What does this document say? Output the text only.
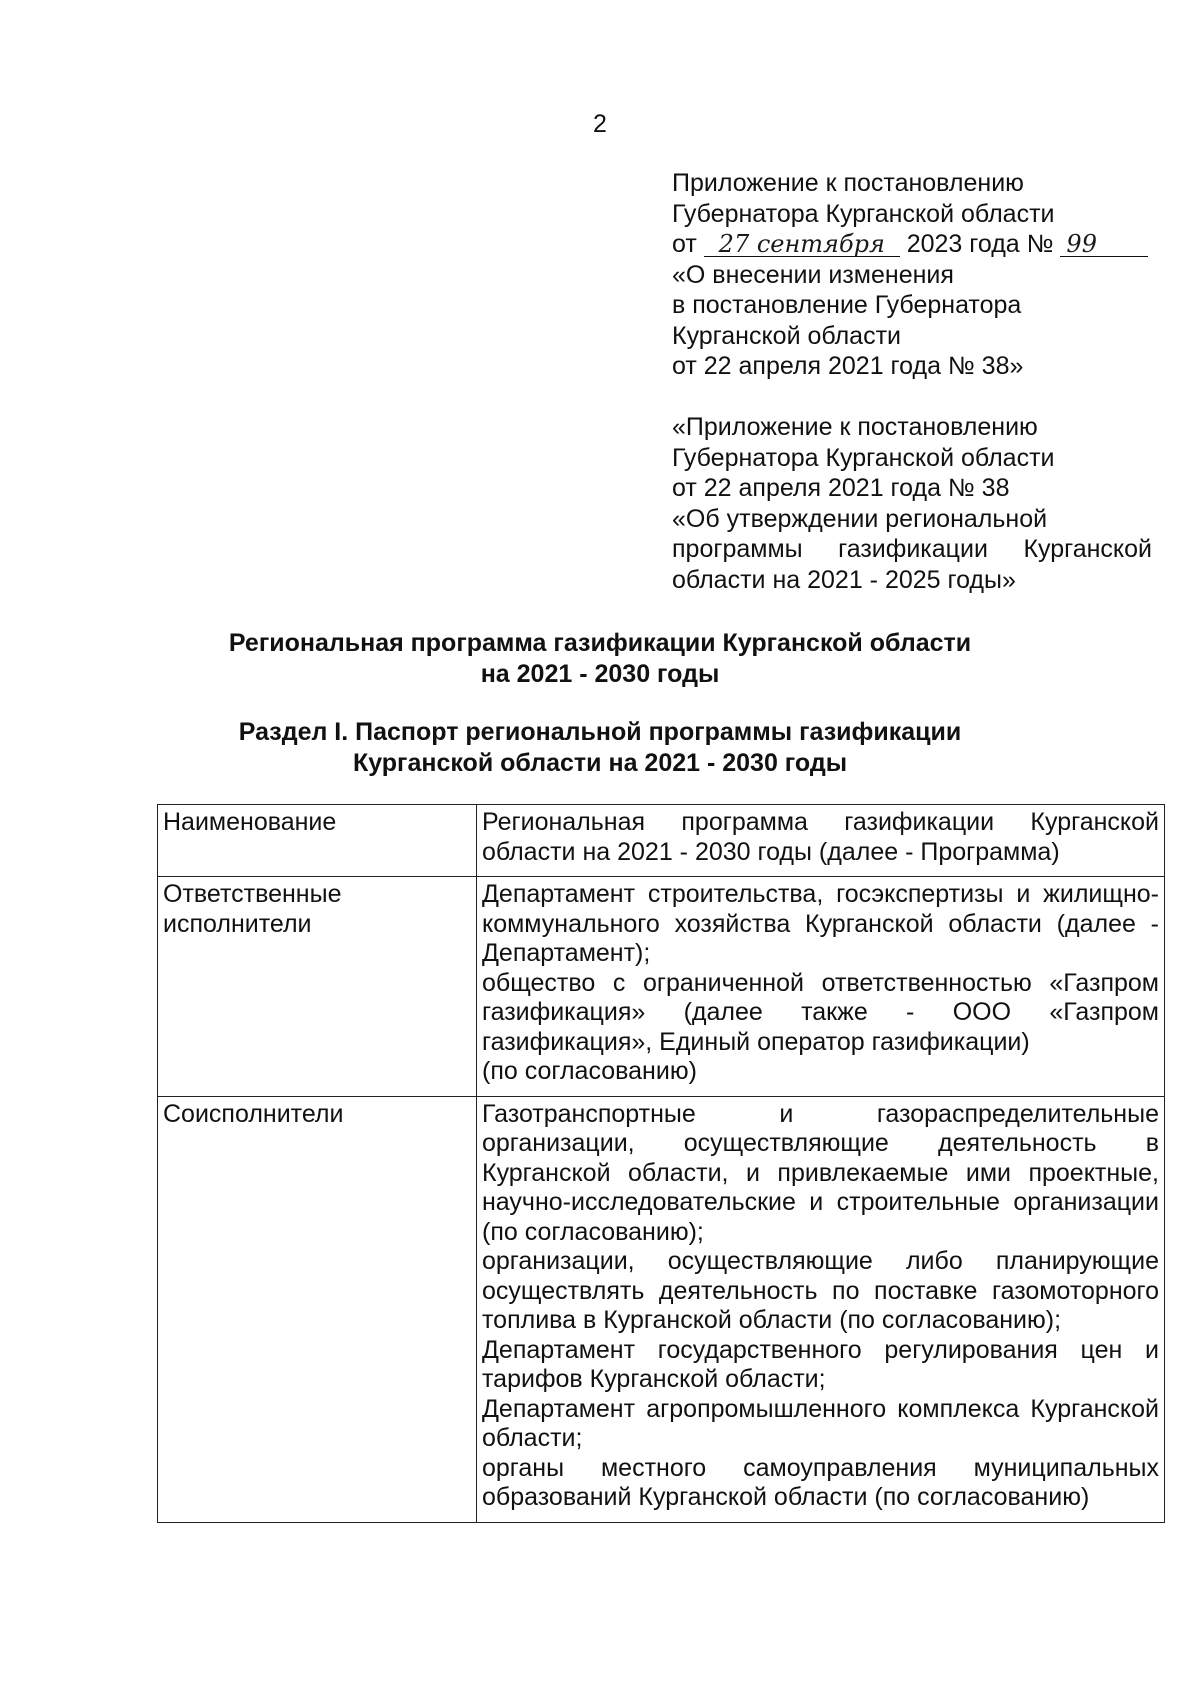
2
Приложение к постановлению
Губернатора Курганской области
от 27 сентября 2023 года № 99
«О внесении изменения
в постановление Губернатора
Курганской области
от 22 апреля 2021 года № 38»
«Приложение к постановлению
Губернатора Курганской области
от 22 апреля 2021 года № 38
«Об утверждении региональной
программы газификации Курганской
области на 2021 - 2025 годы»
Региональная программа газификации Курганской области
на 2021 - 2030 годы
Раздел I. Паспорт региональной программы газификации
Курганской области на 2021 - 2030 годы
Наименование	Региональная программа газификации Курганской области на 2021 - 2030 годы (далее - Программа)

Ответственные исполнители	Департамент строительства, госэкспертизы и жилищно-коммунального хозяйства Курганской области (далее - Департамент);
общество с ограниченной ответственностью «Газпром газификация» (далее также - ООО «Газпром газификация», Единый оператор газификации)
(по согласованию)

Соисполнители	Газотранспортные и газораспределительные организации, осуществляющие деятельность в Курганской области, и привлекаемые ими проектные, научно-исследовательские и строительные организации (по согласованию);
организации, осуществляющие либо планирующие осуществлять деятельность по поставке газомоторного топлива в Курганской области (по согласованию);
Департамент государственного регулирования цен и тарифов Курганской области;
Департамент агропромышленного комплекса Курганской области;
органы местного самоуправления муниципальных образований Курганской области (по согласованию)
